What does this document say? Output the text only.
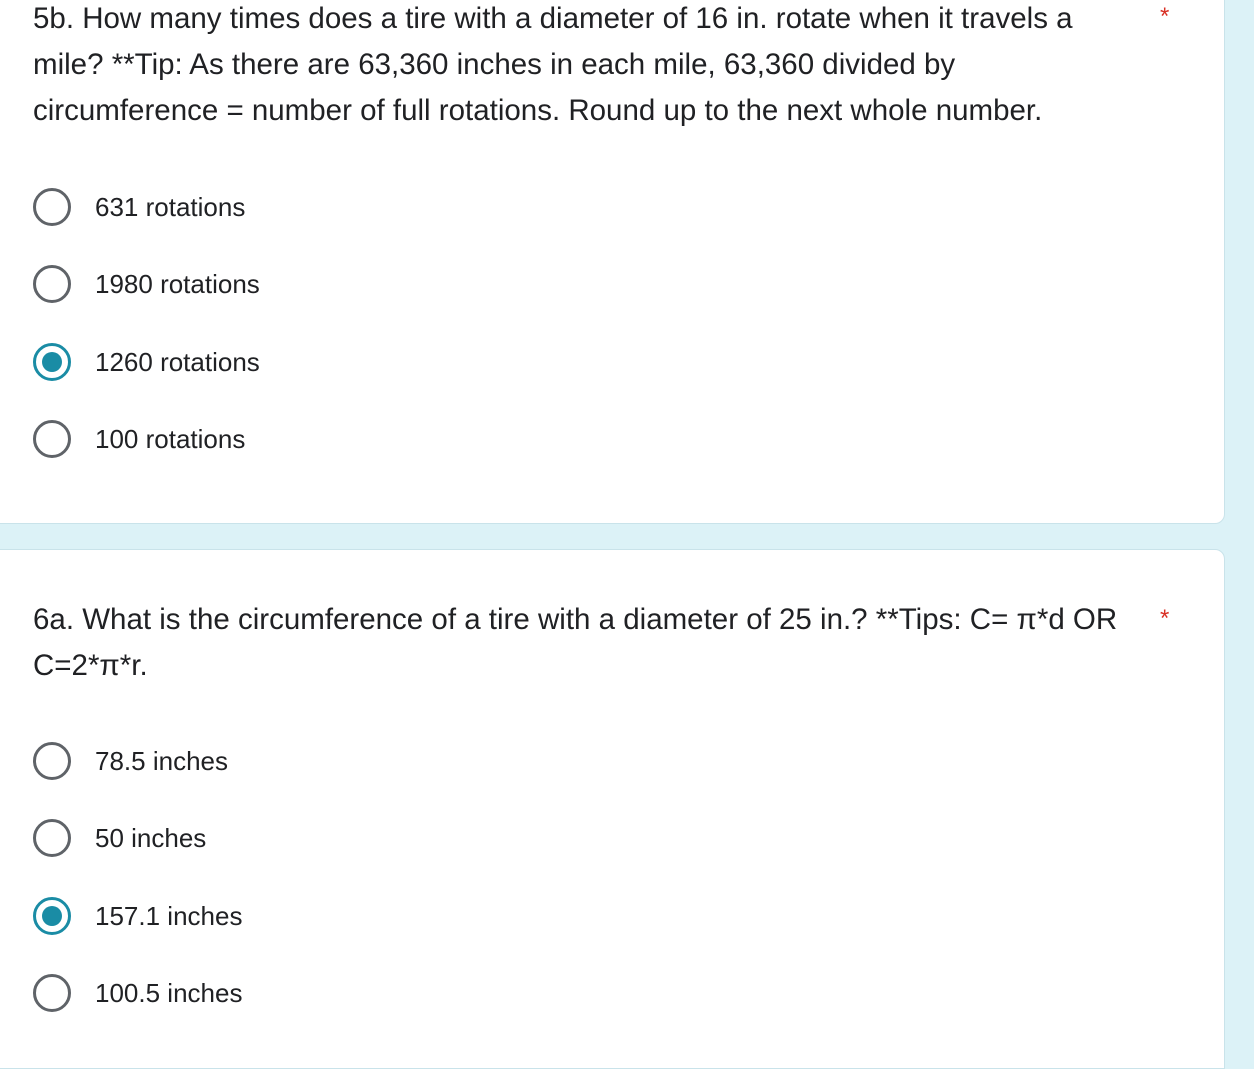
5b. How many times does a tire with a diameter of 16 in. rotate when it travels a mile? **Tip: As there are 63,360 inches in each mile, 63,360 divided by circumference = number of full rotations. Round up to the next whole number.

*
631 rotations
1980 rotations
1260 rotations
100 rotations

6a. What is the circumference of a tire with a diameter of 25 in.? **Tips: C= π*d OR C=2*π*r.

*
78.5 inches
50 inches
157.1 inches
100.5 inches
